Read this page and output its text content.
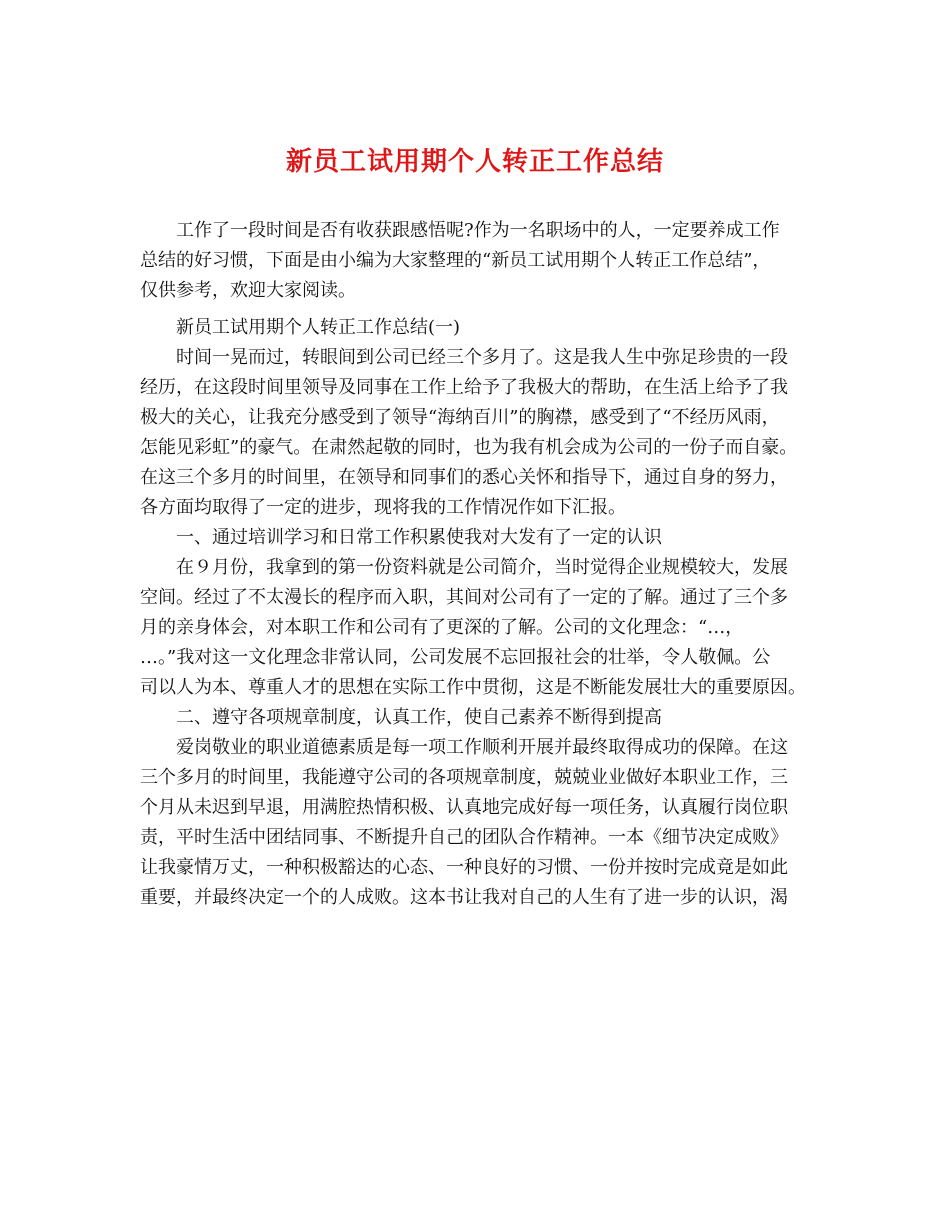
新员工试用期个人转正工作总结
工作了一段时间是否有收获跟感悟呢?作为一名职场中的人，一定要养成工作
总结的好习惯，下面是由小编为大家整理的“新员工试用期个人转正工作总结”，
仅供参考，欢迎大家阅读。
新员工试用期个人转正工作总结(一)
时间一晃而过，转眼间到公司已经三个多月了。这是我人生中弥足珍贵的一段
经历，在这段时间里领导及同事在工作上给予了我极大的帮助，在生活上给予了我
极大的关心，让我充分感受到了领导“海纳百川”的胸襟，感受到了“不经历风雨，
怎能见彩虹”的豪气。在肃然起敬的同时，也为我有机会成为公司的一份子而自豪。
在这三个多月的时间里，在领导和同事们的悉心关怀和指导下，通过自身的努力，
各方面均取得了一定的进步，现将我的工作情况作如下汇报。
一、通过培训学习和日常工作积累使我对大发有了一定的认识
在９月份，我拿到的第一份资料就是公司简介，当时觉得企业规模较大，发展
空间。经过了不太漫长的程序而入职，其间对公司有了一定的了解。通过了三个多
月的亲身体会，对本职工作和公司有了更深的了解。公司的文化理念：“…，
…。”我对这一文化理念非常认同，公司发展不忘回报社会的壮举，令人敬佩。公
司以人为本、尊重人才的思想在实际工作中贯彻，这是不断能发展壮大的重要原因。
二、遵守各项规章制度，认真工作，使自己素养不断得到提高
爱岗敬业的职业道德素质是每一项工作顺利开展并最终取得成功的保障。在这
三个多月的时间里，我能遵守公司的各项规章制度，兢兢业业做好本职业工作，三
个月从未迟到早退，用满腔热情积极、认真地完成好每一项任务，认真履行岗位职
责，平时生活中团结同事、不断提升自己的团队合作精神。一本《细节决定成败》
让我豪情万丈，一种积极豁达的心态、一种良好的习惯、一份并按时完成竟是如此
重要，并最终决定一个的人成败。这本书让我对自己的人生有了进一步的认识，渴
